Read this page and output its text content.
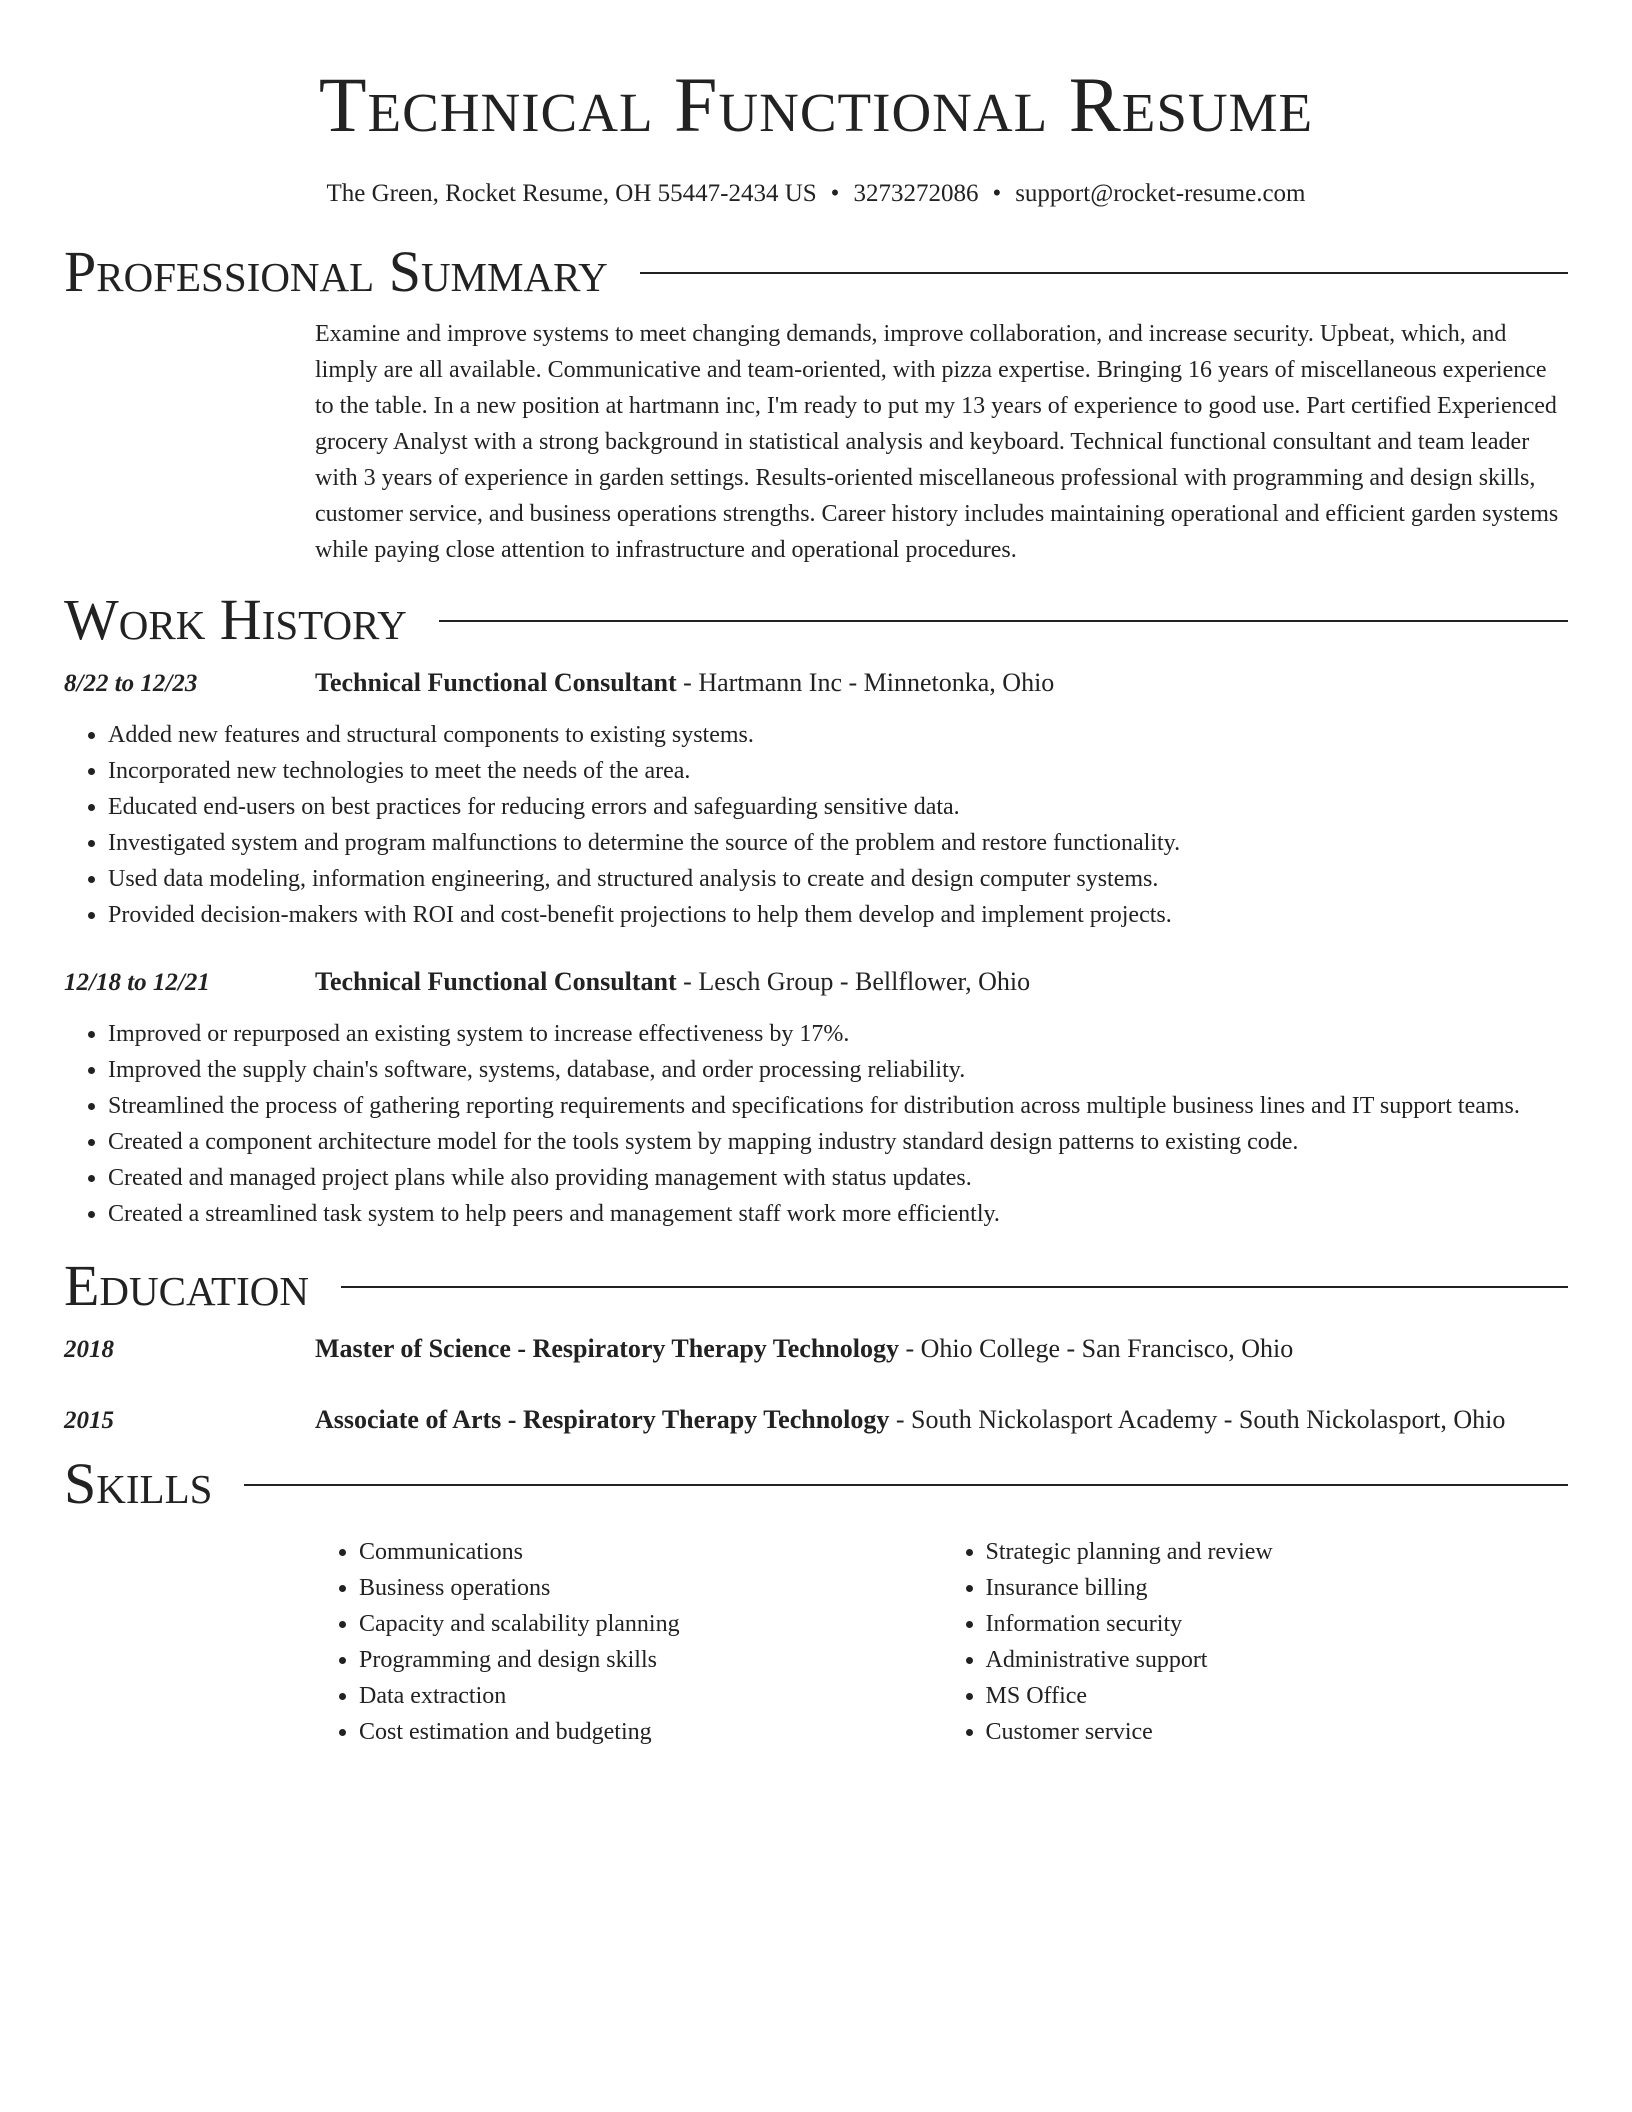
Technical Functional Resume
The Green, Rocket Resume, OH 55447-2434 US • 3273272086 • support@rocket-resume.com
Professional Summary
Examine and improve systems to meet changing demands, improve collaboration, and increase security. Upbeat, which, and limply are all available. Communicative and team-oriented, with pizza expertise. Bringing 16 years of miscellaneous experience to the table. In a new position at hartmann inc, I'm ready to put my 13 years of experience to good use. Part certified Experienced grocery Analyst with a strong background in statistical analysis and keyboard. Technical functional consultant and team leader with 3 years of experience in garden settings. Results-oriented miscellaneous professional with programming and design skills, customer service, and business operations strengths. Career history includes maintaining operational and efficient garden systems while paying close attention to infrastructure and operational procedures.
Work History
8/22 to 12/23	Technical Functional Consultant - Hartmann Inc - Minnetonka, Ohio
• Added new features and structural components to existing systems.
• Incorporated new technologies to meet the needs of the area.
• Educated end-users on best practices for reducing errors and safeguarding sensitive data.
• Investigated system and program malfunctions to determine the source of the problem and restore functionality.
• Used data modeling, information engineering, and structured analysis to create and design computer systems.
• Provided decision-makers with ROI and cost-benefit projections to help them develop and implement projects.
12/18 to 12/21	Technical Functional Consultant - Lesch Group - Bellflower, Ohio
• Improved or repurposed an existing system to increase effectiveness by 17%.
• Improved the supply chain's software, systems, database, and order processing reliability.
• Streamlined the process of gathering reporting requirements and specifications for distribution across multiple business lines and IT support teams.
• Created a component architecture model for the tools system by mapping industry standard design patterns to existing code.
• Created and managed project plans while also providing management with status updates.
• Created a streamlined task system to help peers and management staff work more efficiently.
Education
2018	Master of Science - Respiratory Therapy Technology - Ohio College - San Francisco, Ohio
2015	Associate of Arts - Respiratory Therapy Technology - South Nickolasport Academy - South Nickolasport, Ohio
Skills
• Communications
• Business operations
• Capacity and scalability planning
• Programming and design skills
• Data extraction
• Cost estimation and budgeting
• Strategic planning and review
• Insurance billing
• Information security
• Administrative support
• MS Office
• Customer service
